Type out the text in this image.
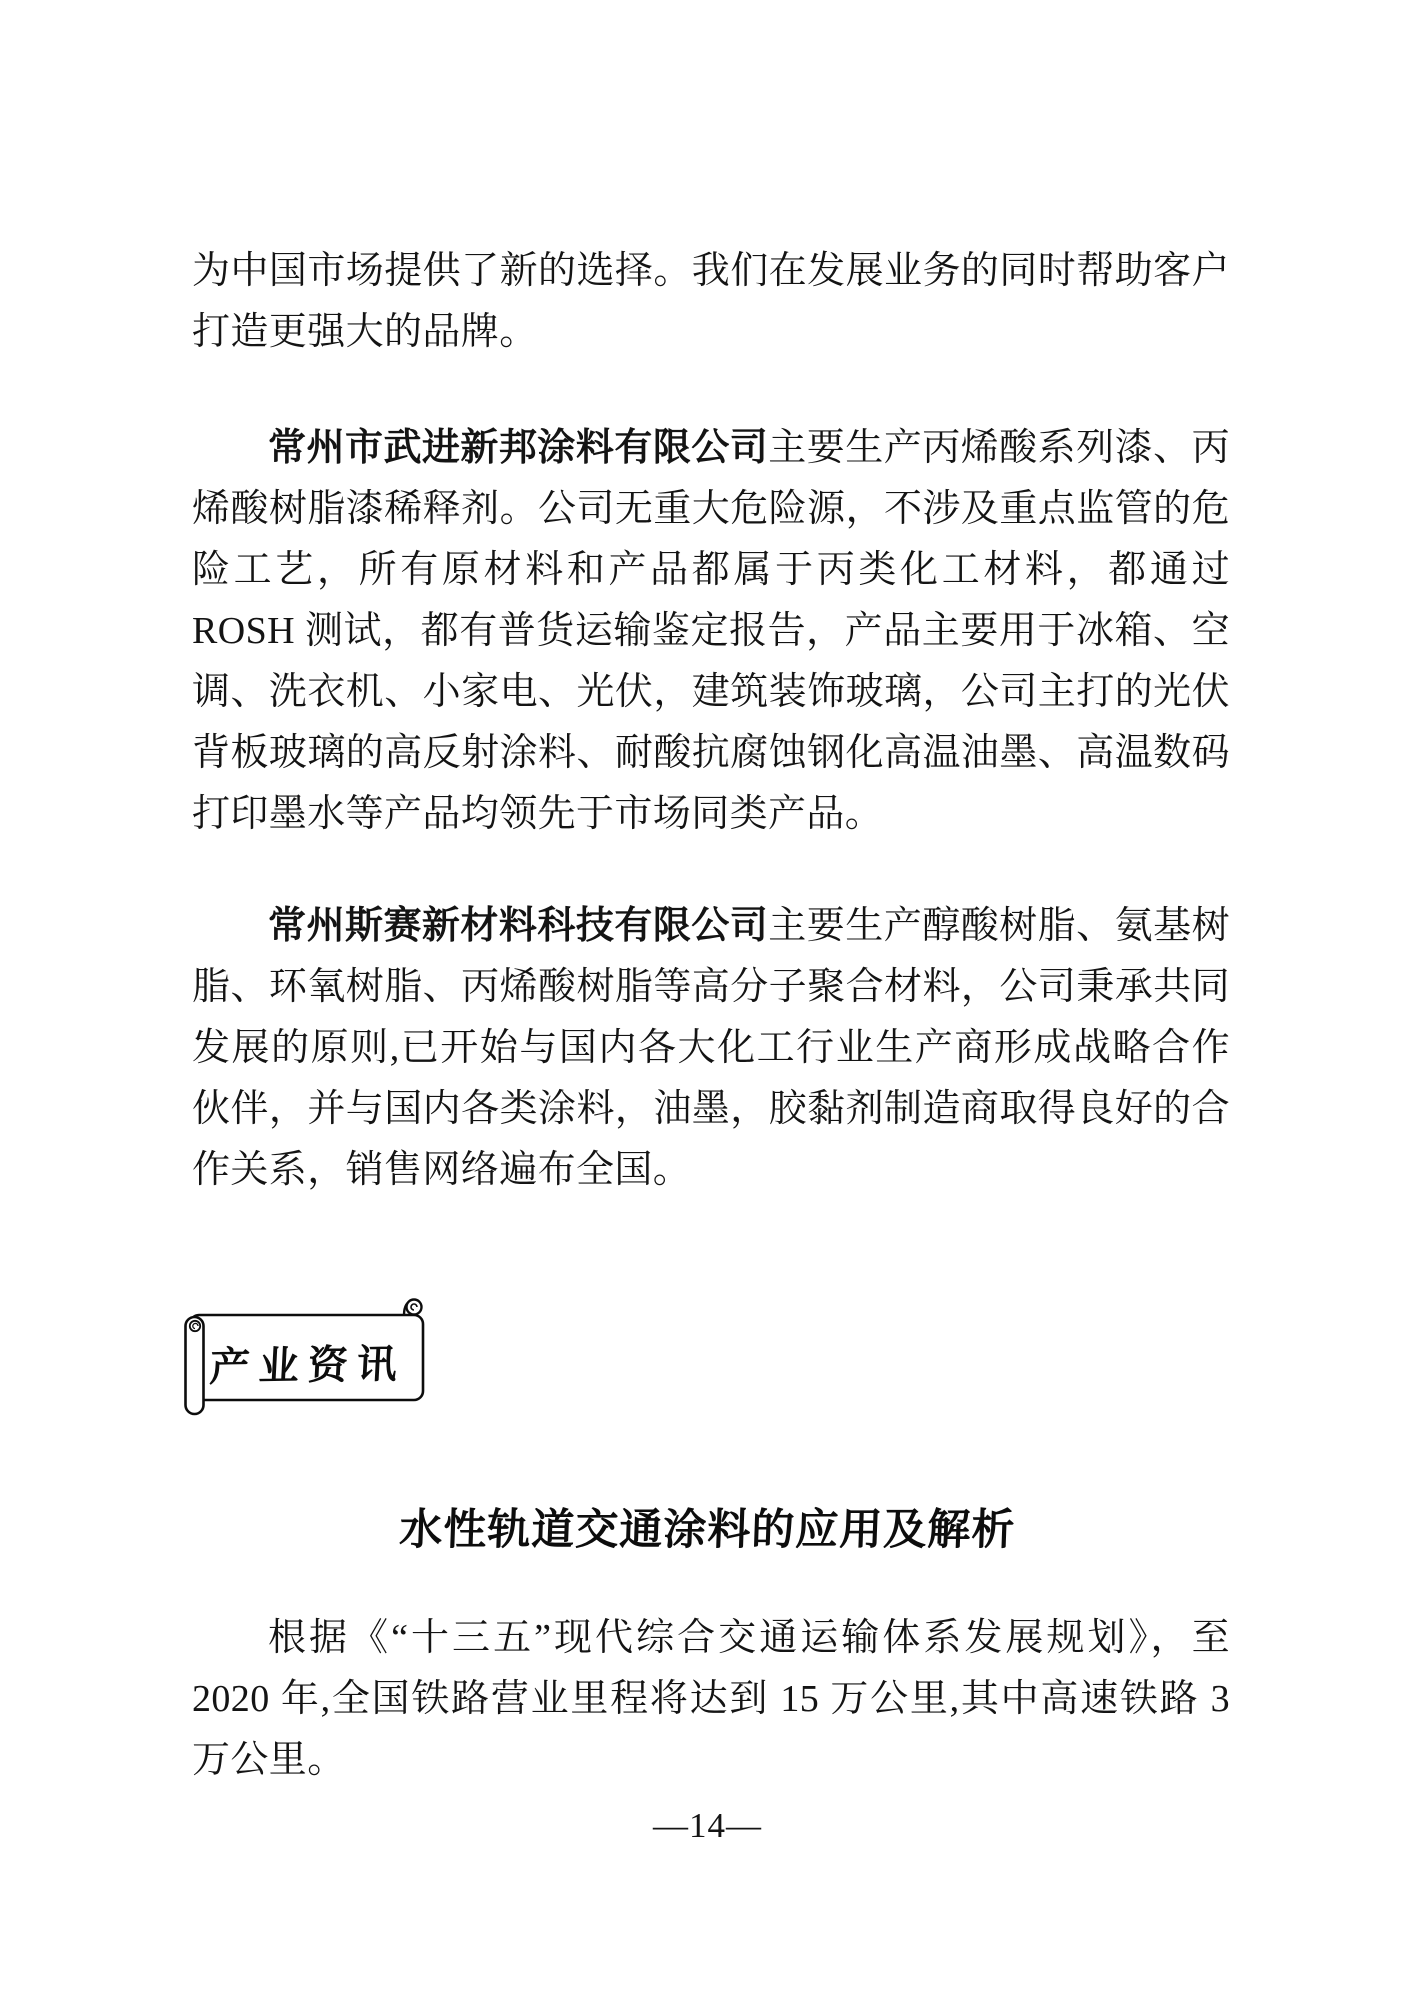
为中国市场提供了新的选择。我们在发展业务的同时帮助客户打造更强大的品牌。

常州市武进新邦涂料有限公司主要生产丙烯酸系列漆、丙烯酸树脂漆稀释剂。公司无重大危险源，不涉及重点监管的危险工艺，所有原材料和产品都属于丙类化工材料，都通过 ROSH 测试，都有普货运输鉴定报告，产品主要用于冰箱、空调、洗衣机、小家电、光伏，建筑装饰玻璃，公司主打的光伏背板玻璃的高反射涂料、耐酸抗腐蚀钢化高温油墨、高温数码打印墨水等产品均领先于市场同类产品。

常州斯赛新材料科技有限公司主要生产醇酸树脂、氨基树脂、环氧树脂、丙烯酸树脂等高分子聚合材料，公司秉承共同发展的原则,已开始与国内各大化工行业生产商形成战略合作伙伴，并与国内各类涂料，油墨，胶黏剂制造商取得良好的合作关系，销售网络遍布全国。

产业资讯
水性轨道交通涂料的应用及解析

根据《“十三五”现代综合交通运输体系发展规划》，至 2020 年,全国铁路营业里程将达到 15 万公里,其中高速铁路 3 万公里。

—14—
